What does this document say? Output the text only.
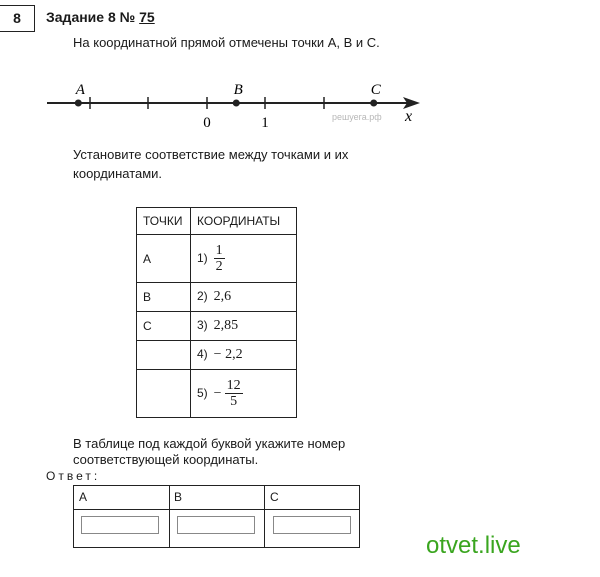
8	Задание 8 № 75
На координатной прямой отмечены точки A, B и C.
0	1	x
A	B	C
решуега.рф
Установите соответствие между точками и их координатами.
ТОЧКИ	КООРДИНАТЫ
A	$1) \frac{1}{2}$

B	2) 2,6
C	3) 2,85
	4) − 2,2
	$5) - \frac{12}{5}$
В таблице под каждой буквой укажите номер соответствующей координаты.
Ответ:
A	B	C
otvet.live
